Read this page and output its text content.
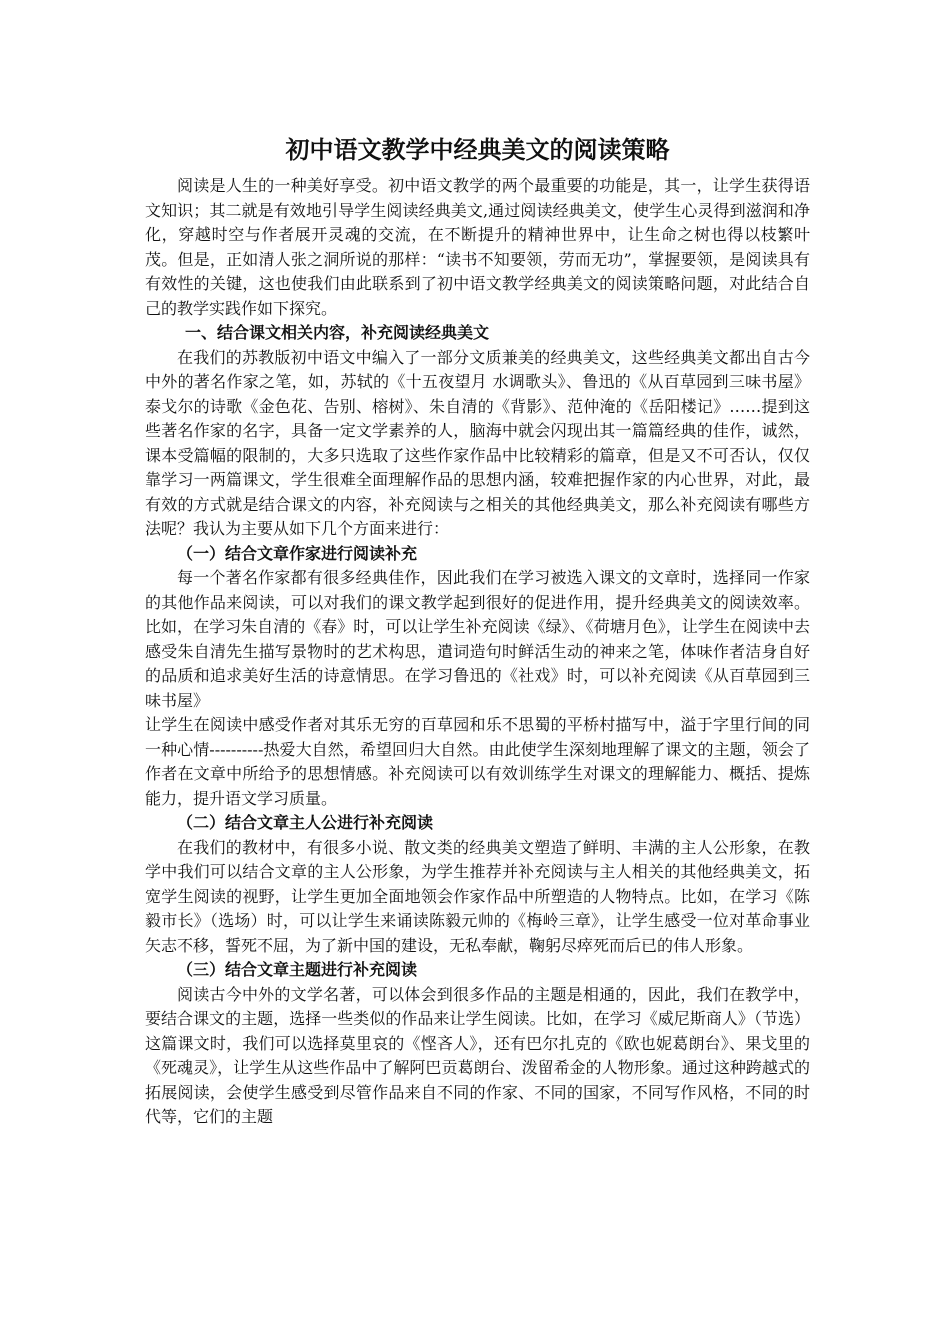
初中语文教学中经典美文的阅读策略

阅读是人生的一种美好享受。初中语文教学的两个最重要的功能是，其一，让学生获得语文知识；其二就是有效地引导学生阅读经典美文,通过阅读经典美文，使学生心灵得到滋润和净化，穿越时空与作者展开灵魂的交流，在不断提升的精神世界中，让生命之树也得以枝繁叶茂。但是，正如清人张之洞所说的那样：“读书不知要领，劳而无功”，掌握要领，是阅读具有有效性的关键，这也使我们由此联系到了初中语文教学经典美文的阅读策略问题，对此结合自己的教学实践作如下探究。

一、结合课文相关内容，补充阅读经典美文

在我们的苏教版初中语文中编入了一部分文质兼美的经典美文，这些经典美文都出自古今中外的著名作家之笔，如，苏轼的《十五夜望月 水调歌头》、鲁迅的《从百草园到三味书屋》泰戈尔的诗歌《金色花、告别、榕树》、朱自清的《背影》、范仲淹的《岳阳楼记》……提到这些著名作家的名字，具备一定文学素养的人，脑海中就会闪现出其一篇篇经典的佳作，诚然，课本受篇幅的限制的，大多只选取了这些作家作品中比较精彩的篇章，但是又不可否认，仅仅靠学习一两篇课文，学生很难全面理解作品的思想内涵，较难把握作家的内心世界，对此，最有效的方式就是结合课文的内容，补充阅读与之相关的其他经典美文，那么补充阅读有哪些方法呢？我认为主要从如下几个方面来进行：

（一）结合文章作家进行阅读补充

每一个著名作家都有很多经典佳作，因此我们在学习被选入课文的文章时，选择同一作家的其他作品来阅读，可以对我们的课文教学起到很好的促进作用，提升经典美文的阅读效率。比如，在学习朱自清的《春》时，可以让学生补充阅读《绿》、《荷塘月色》，让学生在阅读中去感受朱自清先生描写景物时的艺术构思，遣词造句时鲜活生动的神来之笔，体味作者洁身自好的品质和追求美好生活的诗意情思。在学习鲁迅的《社戏》时，可以补充阅读《从百草园到三味书屋》

让学生在阅读中感受作者对其乐无穷的百草园和乐不思蜀的平桥村描写中，溢于字里行间的同一种心情----------热爱大自然，希望回归大自然。由此使学生深刻地理解了课文的主题，领会了作者在文章中所给予的思想情感。补充阅读可以有效训练学生对课文的理解能力、概括、提炼能力，提升语文学习质量。

（二）结合文章主人公进行补充阅读

在我们的教材中，有很多小说、散文类的经典美文塑造了鲜明、丰满的主人公形象，在教学中我们可以结合文章的主人公形象，为学生推荐并补充阅读与主人相关的其他经典美文，拓宽学生阅读的视野，让学生更加全面地领会作家作品中所塑造的人物特点。比如，在学习《陈毅市长》（选场）时，可以让学生来诵读陈毅元帅的《梅岭三章》，让学生感受一位对革命事业矢志不移，誓死不屈，为了新中国的建设，无私奉献，鞠躬尽瘁死而后已的伟人形象。

（三）结合文章主题进行补充阅读

阅读古今中外的文学名著，可以体会到很多作品的主题是相通的，因此，我们在教学中，要结合课文的主题，选择一些类似的作品来让学生阅读。比如，在学习《威尼斯商人》（节选）这篇课文时，我们可以选择莫里哀的《悭吝人》，还有巴尔扎克的《欧也妮葛朗台》、果戈里的《死魂灵》，让学生从这些作品中了解阿巴贡葛朗台、泼留希金的人物形象。通过这种跨越式的拓展阅读，会使学生感受到尽管作品来自不同的作家、不同的国家，不同写作风格，不同的时代等，它们的主题
